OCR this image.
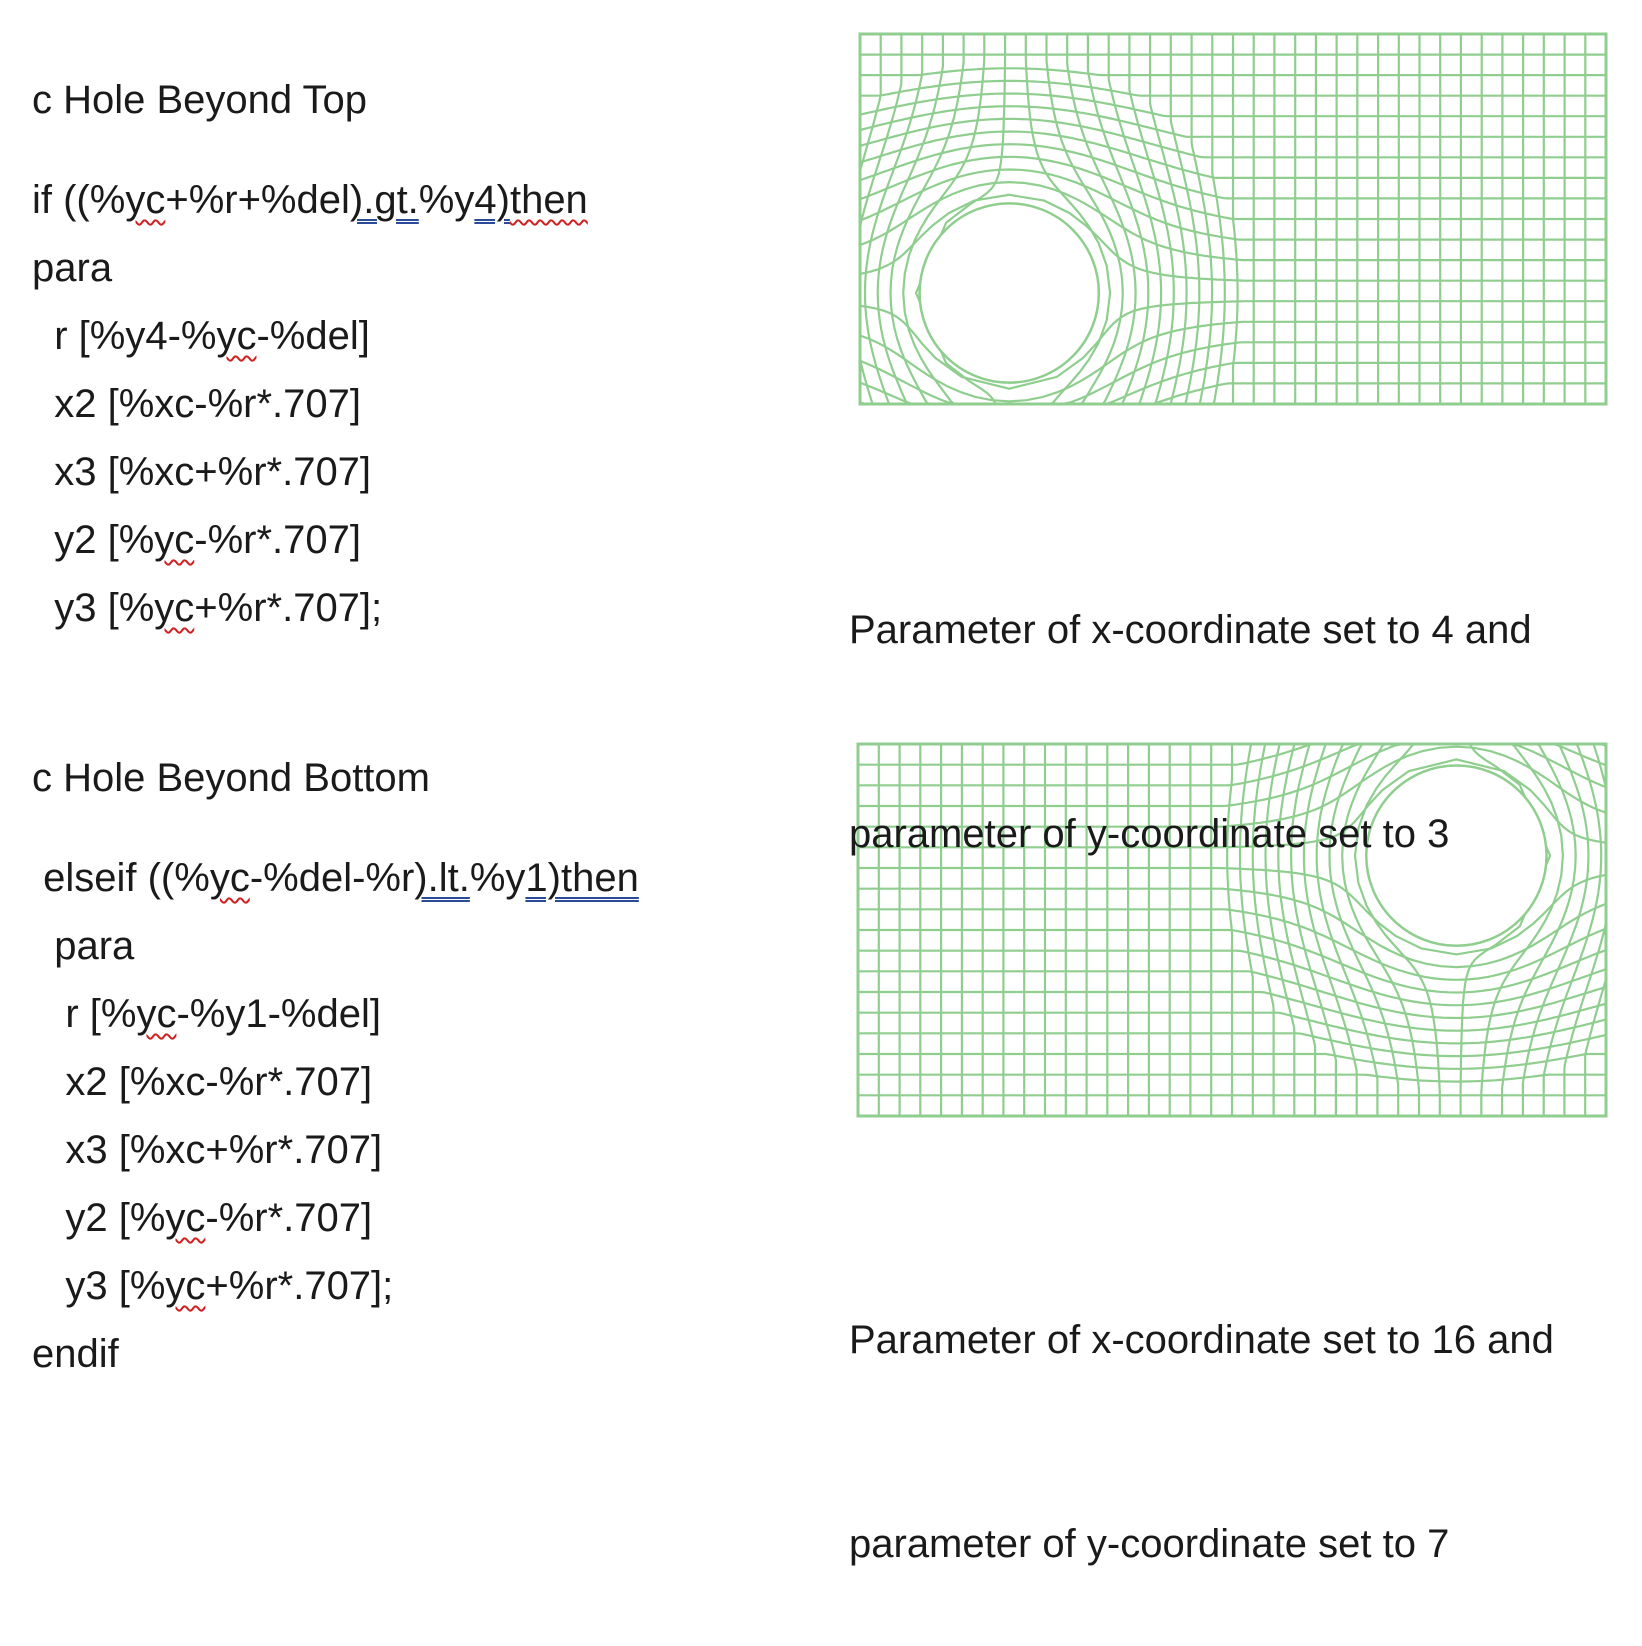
c Hole Beyond Top
if ((%yc+%r+%del).gt.%y4)then
para
r [%y4-%yc-%del]
x2 [%xc-%r*.707]
x3 [%xc+%r*.707]
y2 [%yc-%r*.707]
y3 [%yc+%r*.707];
c Hole Beyond Bottom
elseif ((%yc-%del-%r).lt.%y1)then
para
r [%yc-%y1-%del]
x2 [%xc-%r*.707]
x3 [%xc+%r*.707]
y2 [%yc-%r*.707]
y3 [%yc+%r*.707];
endif

Parameter of x-coordinate set to 4 and

parameter of y-coordinate set to 3

Parameter of x-coordinate set to 16 and

parameter of y-coordinate set to 7
